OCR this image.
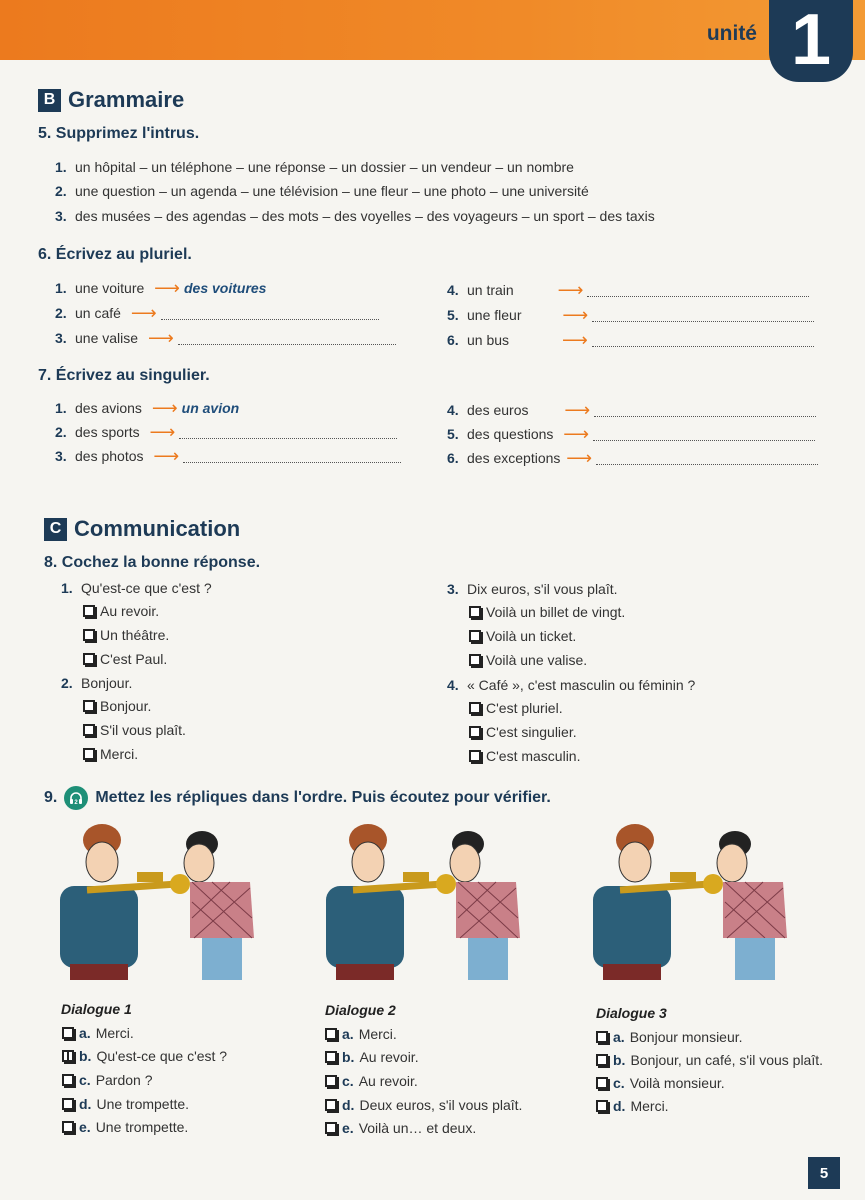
unité 1
B Grammaire
5. Supprimez l'intrus.
1. un hôpital – un téléphone – une réponse – un dossier – un vendeur – un nombre
2. une question – un agenda – une télévision – une fleur – une photo – une université
3. des musées – des agendas – des mots – des voyelles – des voyageurs – un sport – des taxis
6. Écrivez au pluriel.
1. une voiture ⟶ des voitures
2. un café ⟶
3. une valise ⟶
4. un train ⟶
5. une fleur ⟶
6. un bus	⟶
7. Écrivez au singulier.
1. des avions ⟶ un avion
2. des sports ⟶
3. des photos ⟶
4. des euros ⟶
5. des questions ⟶
6. des exceptions ⟶
C Communication
8. Cochez la bonne réponse.
1. Qu'est-ce que c'est ?
Au revoir.
Un théâtre.
C'est Paul.
2. Bonjour.
Bonjour.
S'il vous plaît.
Merci.
3. Dix euros, s'il vous plaît.
Voilà un billet de vingt.
Voilà un ticket.
Voilà une valise.
4. « Café », c'est masculin ou féminin ?
C'est pluriel.
C'est singulier.
C'est masculin.
9.	2 Mettez les répliques dans l'ordre. Puis écoutez pour vérifier.
Dialogue 1
a. Merci.
b. Qu'est-ce que c'est ?
c. Pardon ?
d. Une trompette.
e. Une trompette.
Dialogue 2
a. Merci.
b. Au revoir.
c. Au revoir.
d. Deux euros, s'il vous plaît.
e. Voilà un… et deux.
Dialogue 3
a. Bonjour monsieur.
b. Bonjour, un café, s'il vous plaît.
c. Voilà monsieur.
d. Merci.
5
